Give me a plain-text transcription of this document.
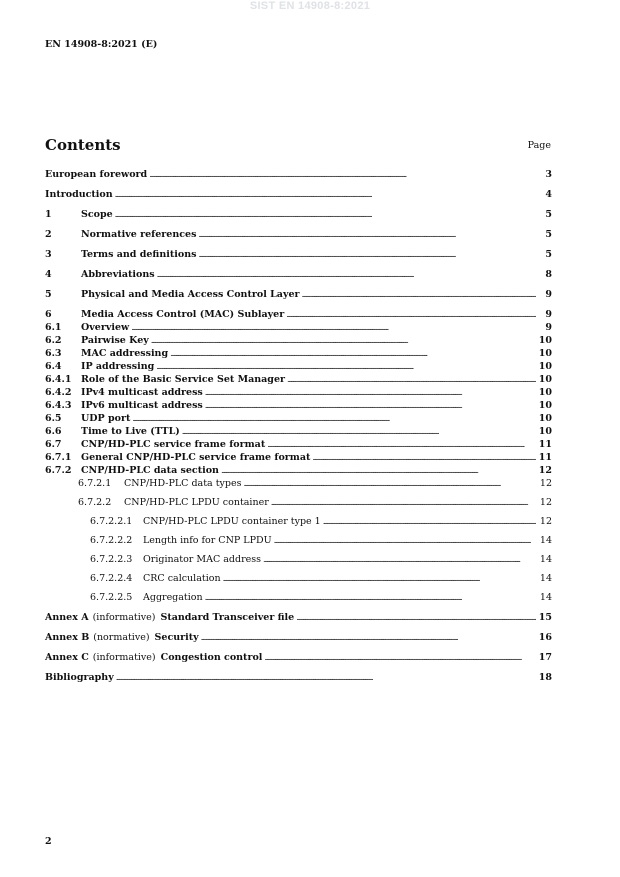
SIST EN 14908-8:2021
EN 14908-8:2021 (E)
Contents	Page
European foreword .....	3
Introduction .....	4
1	Scope .....	5
2	Normative references .....	5
3	Terms and definitions .....	5
4	Abbreviations .....	8
5	Physical and Media Access Control Layer .....	9
6	Media Access Control (MAC) Sublayer .....	9
6.1	Overview .....	9
6.2	Pairwise Key .....	10
6.3	MAC addressing .....	10
6.4	IP addressing .....	10
6.4.1	Role of the Basic Service Set Manager .....	10
6.4.2	IPv4 multicast address .....	10
6.4.3	IPv6 multicast address .....	10
6.5	UDP port .....	10
6.6	Time to Live (TTL) .....	10
6.7	CNP/HD-PLC service frame format .....	11
6.7.1	General CNP/HD-PLC service frame format .....	11
6.7.2	CNP/HD-PLC data section .....	12
6.7.2.1	CNP/HD-PLC data types .....	12
6.7.2.2	CNP/HD-PLC LPDU container .....	12
6.7.2.2.1	CNP/HD-PLC LPDU container type 1 .....	12
6.7.2.2.2	Length info for CNP LPDU .....	14
6.7.2.2.3	Originator MAC address .....	14
6.7.2.2.4	CRC calculation .....	14
6.7.2.2.5	Aggregation .....	14
Annex A (informative) Standard Transceiver file .....	15
Annex B (normative) Security .....	16
Annex C (informative) Congestion control .....	17
Bibliography .....	18
2
